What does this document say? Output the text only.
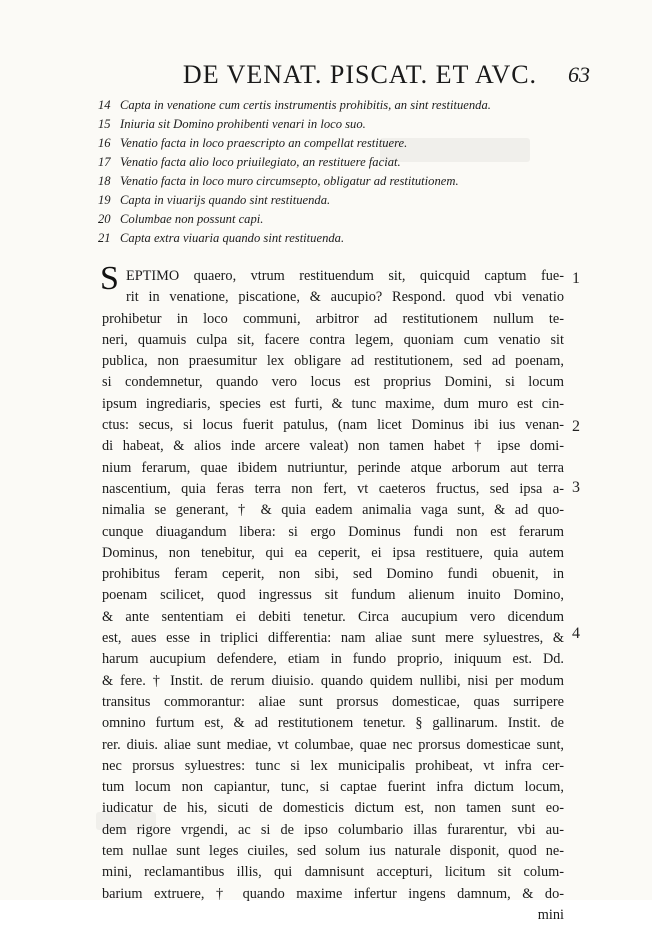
DE VENAT. PISCAT. ET AVC.	63
14 Capta in venatione cum certis instrumentis prohibitis, an sint restituenda.
15 Iniuria sit Domino prohibenti venari in loco suo.
16 Venatio facta in loco praescripto an compellat restituere.
17 Venatio facta alio loco priuilegiato, an restituere faciat.
18 Venatio facta in loco muro circumsepto, obligatur ad restitutionem.
19 Capta in viuarijs quando sint restituenda.
20 Columbae non possunt capi.
21 Capta extra viuaria quando sint restituenda.
S EPTIMO quaero, vtrum restituendum sit, quicquid captum fue-
rit in venatione, piscatione, & aucupio? Respond. quod vbi venatio
prohibetur in loco communi, arbitror ad restitutionem nullum te-
neri, quamuis culpa sit, facere contra legem, quoniam cum venatio sit
publica, non praesumitur lex obligare ad restitutionem, sed ad poenam,
si condemnetur, quando vero locus est proprius Domini, si locum
ipsum ingrediaris, species est furti, & tunc maxime, dum muro est cin-
ctus: secus, si locus fuerit patulus, (nam licet Dominus ibi ius venan-
di habeat, & alios inde arcere valeat) non tamen habet † ipse domi-
nium ferarum, quae ibidem nutriuntur, perinde atque arborum aut terra
nascentium, quia feras terra non fert, vt caeteros fructus, sed ipsa a-
nimalia se generant, † & quia eadem animalia vaga sunt, & ad quo-
cunque diuagandum libera: si ergo Dominus fundi non est ferarum
Dominus, non tenebitur, qui ea ceperit, ei ipsa restituere, quia autem
prohibitus feram ceperit, non sibi, sed Domino fundi obuenit, in
poenam scilicet, quod ingressus sit fundum alienum inuito Domino,
& ante sententiam ei debiti tenetur. Circa aucupium vero dicendum
est, aues esse in triplici differentia: nam aliae sunt mere syluestres, &
harum aucupium defendere, etiam in fundo proprio, iniquum est. Dd.
& fere. † Instit. de rerum diuisio. quando quidem nullibi, nisi per modum
transitus commorantur: aliae sunt prorsus domesticae, quas surripere
omnino furtum est, & ad restitutionem tenetur. § gallinarum. Instit. de
rer. diuis. aliae sunt mediae, vt columbae, quae nec prorsus domesticae sunt,
nec prorsus syluestres: tunc si lex municipalis prohibeat, vt infra cer-
tum locum non capiantur, tunc, si captae fuerint infra dictum locum,
iudicatur de his, sicuti de domesticis dictum est, non tamen sunt eo-
dem rigore vrgendi, ac si de ipso columbario illas furarentur, vbi au-
tem nullae sunt leges ciuiles, sed solum ius naturale disponit, quod ne-
mini, reclamantibus illis, qui damnisunt accepturi, licitum sit colum-
barium extruere, † quando maxime infertur ingens damnum, & do-
mini
1
2
3
4
